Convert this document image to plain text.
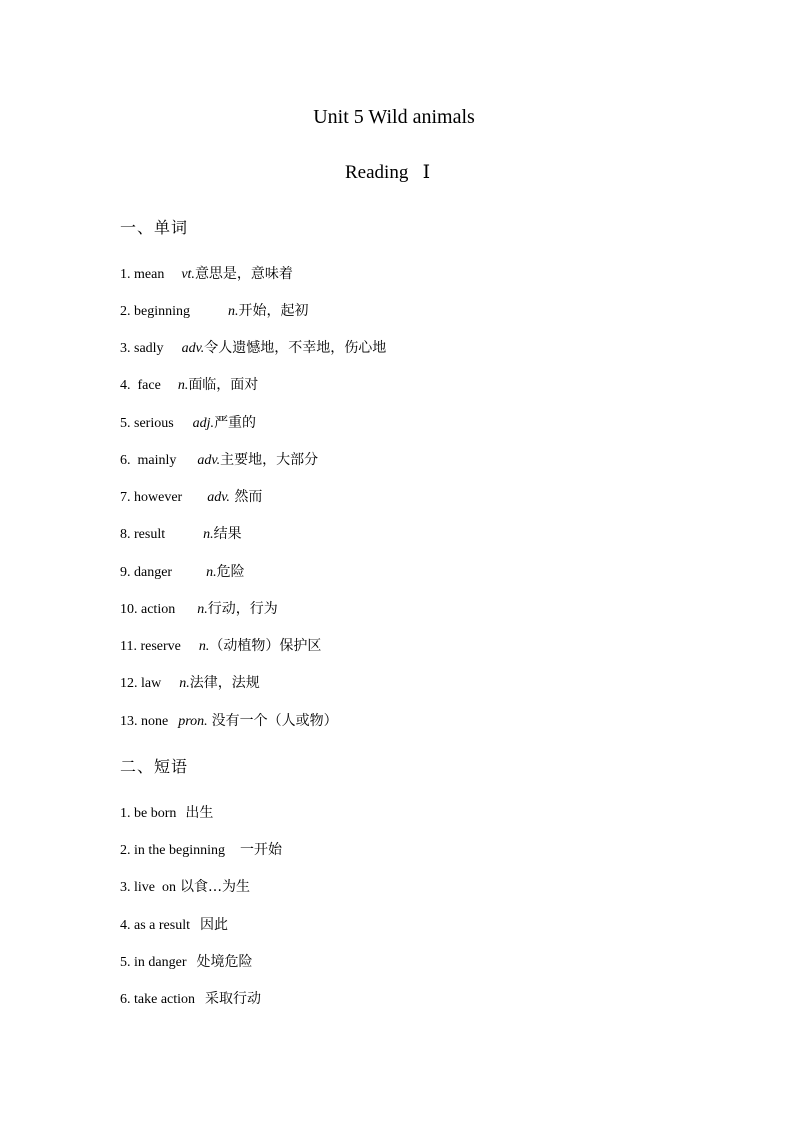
Unit 5 Wild animals
Reading   Ⅰ
一、单词
1. mean vt.意思是，意味着
2. beginning	n.开始，起初
3. sadly adv.令人遗憾地，不幸地，伤心地
4.  face n.面临，面对
5. serious adj.严重的
6.  mainly adv.主要地，大部分
7. however adv. 然而
8. result	n.结果
9. danger n.危险
10. action n.行动，行为
11. reserve n.（动植物）保护区
12. law n.法律，法规
13. none pron. 没有一个（人或物）
二、短语
1. be born 出生
2. in the beginning 一开始
3. live  on 以食…为生
4. as a result 因此
5. in danger 处境危险
6. take action 采取行动
